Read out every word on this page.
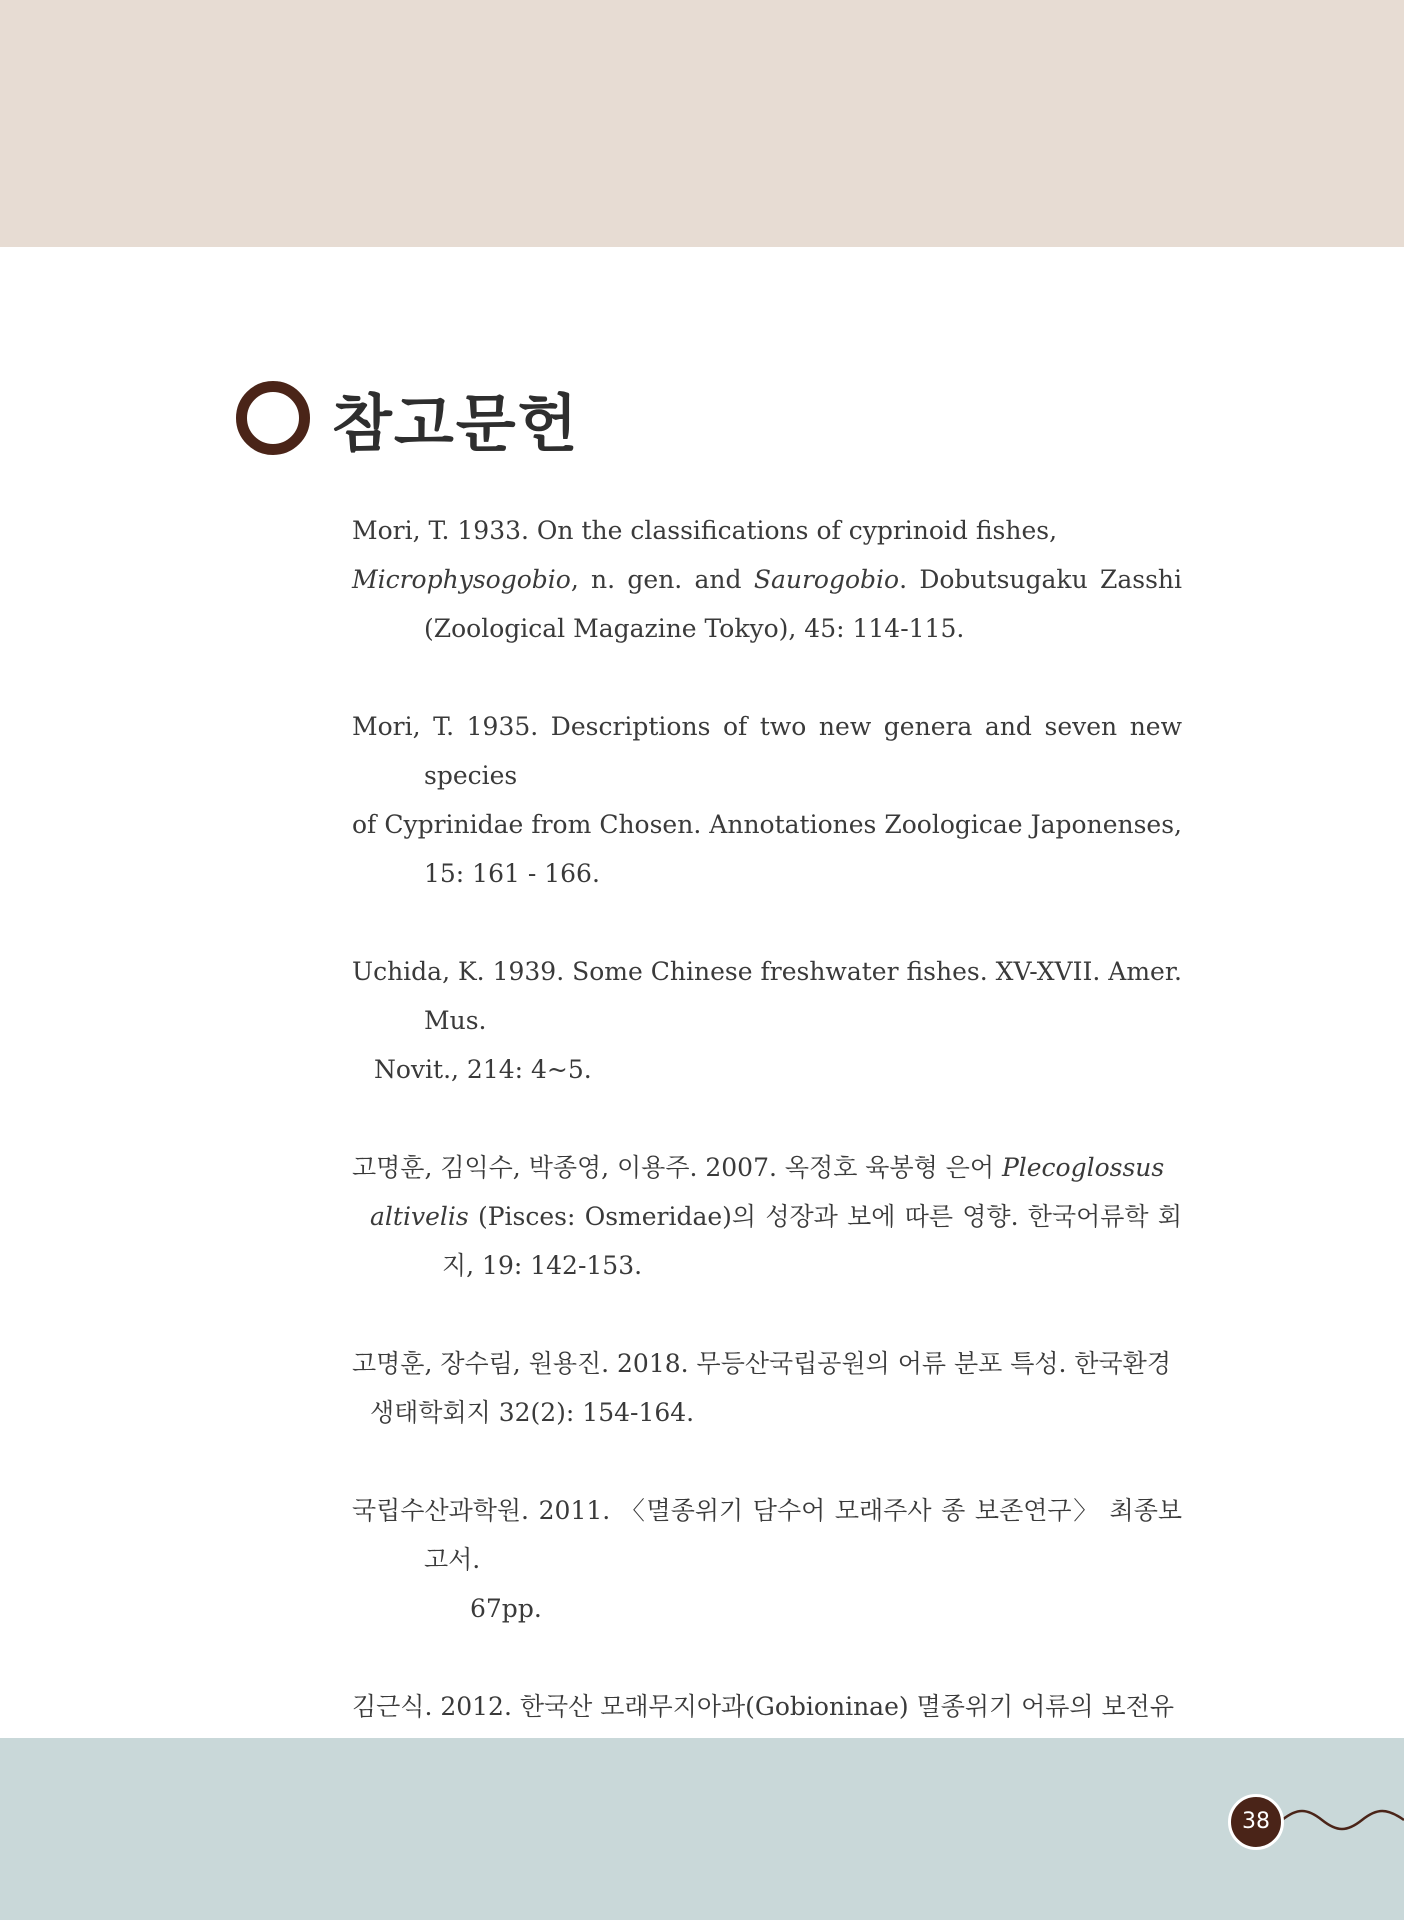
참고문헌

Mori, T. 1933. On the classifications of cyprinoid fishes,
Microphysogobio, n. gen. and Saurogobio. Dobutsugaku Zasshi (Zoological Magazine Tokyo), 45: 114-115.

Mori, T. 1935. Descriptions of two new genera and seven new species
of Cyprinidae from Chosen. Annotationes Zoologicae Japonenses, 15: 161 - 166.

Uchida, K. 1939. Some Chinese freshwater fishes. XV-XVII. Amer. Mus.
Novit., 214: 4~5.

고명훈, 김익수, 박종영, 이용주. 2007. 옥정호 육봉형 은어 Plecoglossus
altivelis (Pisces: Osmeridae)의 성장과 보에 따른 영향. 한국어류학 회지, 19: 142-153.

고명훈, 장수림, 원용진. 2018. 무등산국립공원의 어류 분포 특성. 한국환경
생태학회지 32(2): 154-164.

국립수산과학원. 2011. 〈멸종위기 담수어 모래주사 종 보존연구〉 최종보고서.
67pp.

김근식. 2012. 한국산 모래무지아과(Gobioninae) 멸종위기 어류의 보전유

38
